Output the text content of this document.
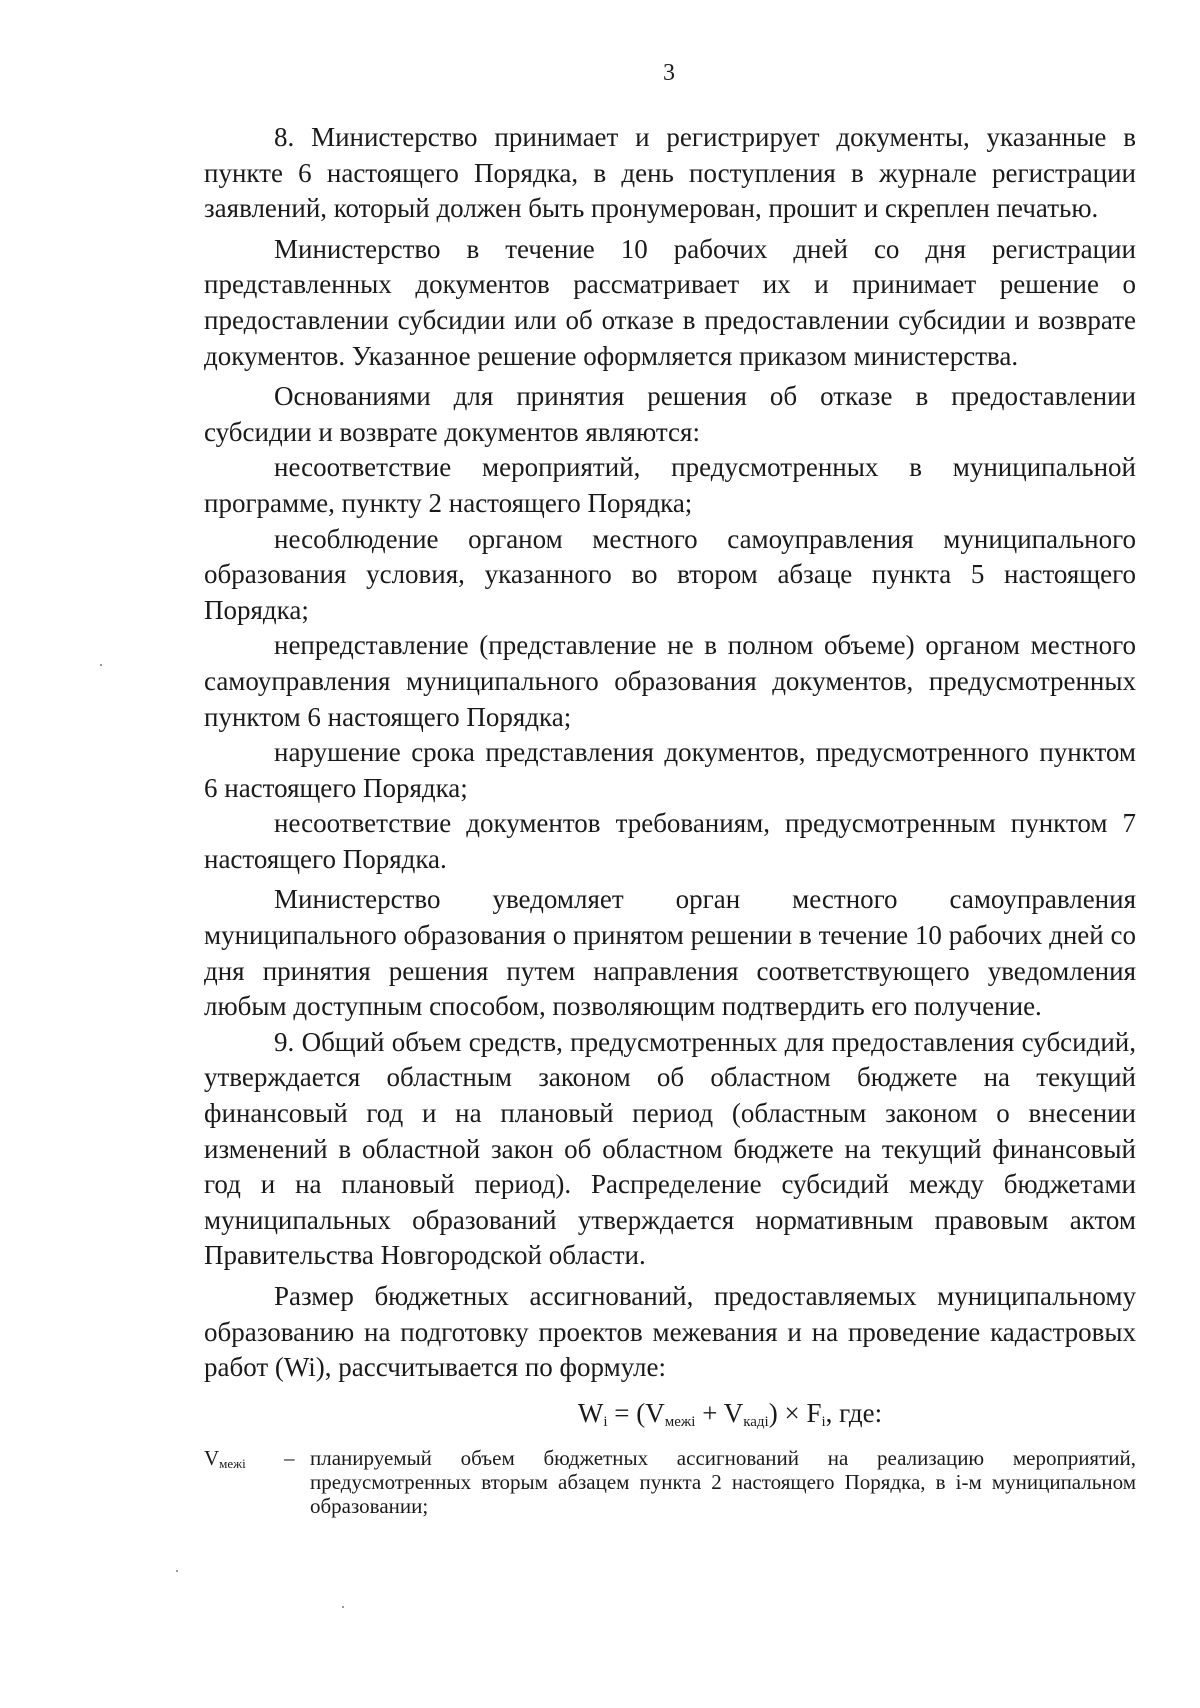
3

8. Министерство принимает и регистрирует документы, указанные в пункте 6 настоящего Порядка, в день поступления в журнале регистрации заявлений, который должен быть пронумерован, прошит и скреплен печатью.

Министерство в течение 10 рабочих дней со дня регистрации представленных документов рассматривает их и принимает решение о предоставлении субсидии или об отказе в предоставлении субсидии и возврате документов. Указанное решение оформляется приказом министерства.

Основаниями для принятия решения об отказе в предоставлении субсидии и возврате документов являются:

несоответствие мероприятий, предусмотренных в муниципальной программе, пункту 2 настоящего Порядка;

несоблюдение органом местного самоуправления муниципального образования условия, указанного во втором абзаце пункта 5 настоящего Порядка;

непредставление (представление не в полном объеме) органом местного самоуправления муниципального образования документов, предусмотренных пунктом 6 настоящего Порядка;

нарушение срока представления документов, предусмотренного пунктом 6 настоящего Порядка;

несоответствие документов требованиям, предусмотренным пунктом 7 настоящего Порядка.

Министерство уведомляет орган местного самоуправления муниципального образования о принятом решении в течение 10 рабочих дней со дня принятия решения путем направления соответствующего уведомления любым доступным способом, позволяющим подтвердить его получение.

9. Общий объем средств, предусмотренных для предоставления субсидий, утверждается областным законом об областном бюджете на текущий финансовый год и на плановый период (областным законом о внесении изменений в областной закон об областном бюджете на текущий финансовый год и на плановый период). Распределение субсидий между бюджетами муниципальных образований утверждается нормативным правовым актом Правительства Новгородской области.

Размер бюджетных ассигнований, предоставляемых муниципальному образованию на подготовку проектов межевания и на проведение кадастровых работ (Wi), рассчитывается по формуле:

$W_i = (V_{межi} + V_{кадi}) \times F_i$, где:

$V_{межi}$	– планируемый объем бюджетных ассигнований на реализацию мероприятий, предусмотренных вторым абзацем пункта 2 настоящего Порядка, в i-м муниципальном образовании;
